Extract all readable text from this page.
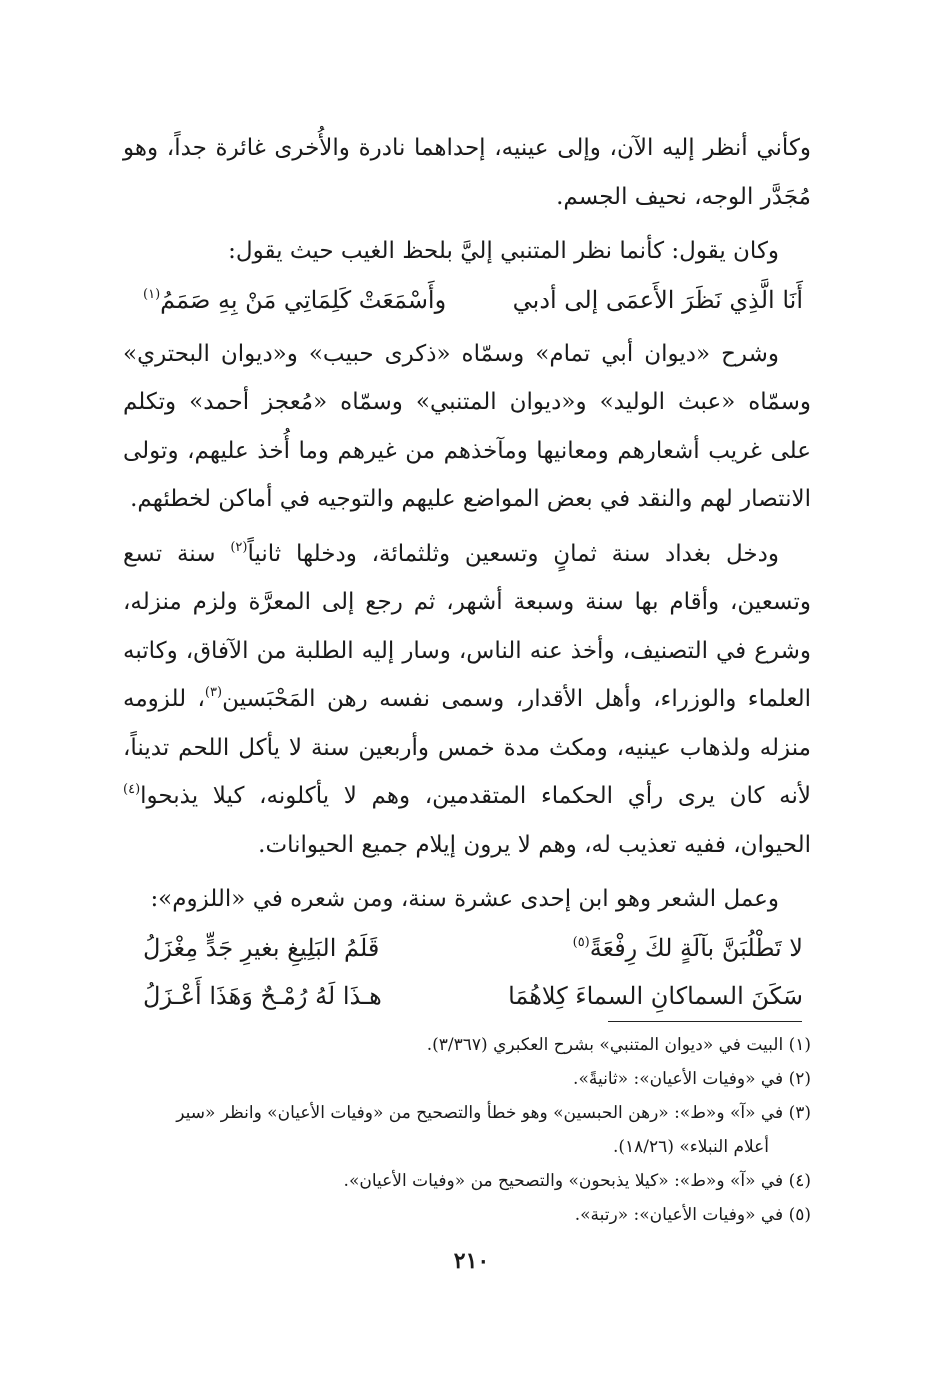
وكأني أنظر إليه الآن، وإلى عينيه، إحداهما نادرة والأُخرى غائرة جداً، وهو مُجَدَّر الوجه، نحيف الجسم.

وكان يقول: كأنما نظر المتنبي إليَّ بلحظ الغيب حيث يقول:

أَنَا الَّذِي نَظَرَ الأَعمَى إلى أدبي
وأَسْمَعَتْ كَلِمَاتِي مَنْ بِهِ صَمَمُ$^{(١)}$

وشرح «ديوان أبي تمام» وسمّاه «ذكرى حبيب» و«ديوان البحتري» وسمّاه «عبث الوليد» و«ديوان المتنبي» وسمّاه «مُعجز أحمد» وتكلم على غريب أشعارهم ومعانيها ومآخذهم من غيرهم وما أُخذ عليهم، وتولى الانتصار لهم والنقد في بعض المواضع عليهم والتوجيه في أماكن لخطئهم.

ودخل بغداد سنة ثمانٍ وتسعين وثلثمائة، ودخلها ثانياً$^{(٢)}$ سنة تسع وتسعين، وأقام بها سنة وسبعة أشهر، ثم رجع إلى المعرَّة ولزم منزله، وشرع في التصنيف، وأخذ عنه الناس، وسار إليه الطلبة من الآفاق، وكاتبه العلماء والوزراء، وأهل الأقدار، وسمى نفسه رهن المَحْبَسين$^{(٣)}$، للزومه منزله ولذهاب عينيه، ومكث مدة خمس وأربعين سنة لا يأكل اللحم تديناً، لأنه كان يرى رأي الحكماء المتقدمين، وهم لا يأكلونه، كيلا يذبحوا$^{(٤)}$ الحيوان، ففيه تعذيب له، وهم لا يرون إيلام جميع الحيوانات.

وعمل الشعر وهو ابن إحدى عشرة سنة، ومن شعره في «اللزوم»:

لا تَطْلُبَنَّ بآلَةٍ لكَ رِفْعَةً$^{(٥)}$
قَلَمُ البَلِيغِ بغيرِ جَدٍّ مِغْزَلُ
سَكَنَ السماكانِ السماءَ كِلاهُمَا
هـذَا لَهُ رُمْـحٌ وَهَذَا أَعْـزَلُ

(١) البيت في «ديوان المتنبي» بشرح العكبري (٣/٣٦٧).

(٢) في «وفيات الأعيان»: «ثانيةً».

(٣) في «آ» و«ط»: «رهن الحبسين» وهو خطأ والتصحيح من «وفيات الأعيان» وانظر «سير

أعلام النبلاء» (١٨/٢٦).

(٤) في «آ» و«ط»: «كيلا يذبحون» والتصحيح من «وفيات الأعيان».

(٥) في «وفيات الأعيان»: «رتبة».

٢١٠
